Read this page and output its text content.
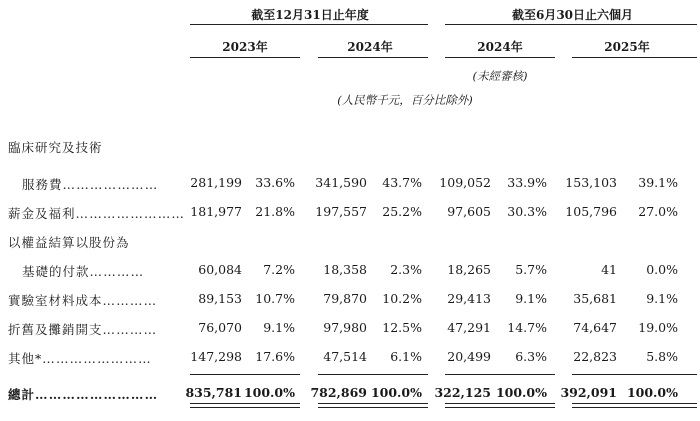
截至12月31日止年度	截至6月30日止六個月
2023年	2024年	2024年	2025年
(未經審核)
(人民幣千元，百分比除外)
臨床研究及技術
服務費…………………	281,199 33.6% 341,590 43.7% 109,052 33.9% 153,103 39.1%
薪金及福利…………………… 181,977 21.8% 197,557 25.2% 97,605 30.3% 105,796 27.0%
以權益結算以股份為
基礎的付款…………	60,084 7.2% 18,358 2.3% 18,265 5.7%	41 0.0%
實驗室材料成本…………	89,153 10.7% 79,870 10.2% 29,413 9.1% 35,681 9.1%
折舊及攤銷開支…………	76,070 9.1% 97,980 12.5% 47,291 14.7% 74,647 19.0%
其他*……………………	147,298 17.6% 47,514 6.1% 20,499 6.3% 22,823 5.8%
總計……………………… 835,781 100.0% 782,869 100.0% 322,125 100.0% 392,091 100.0%
